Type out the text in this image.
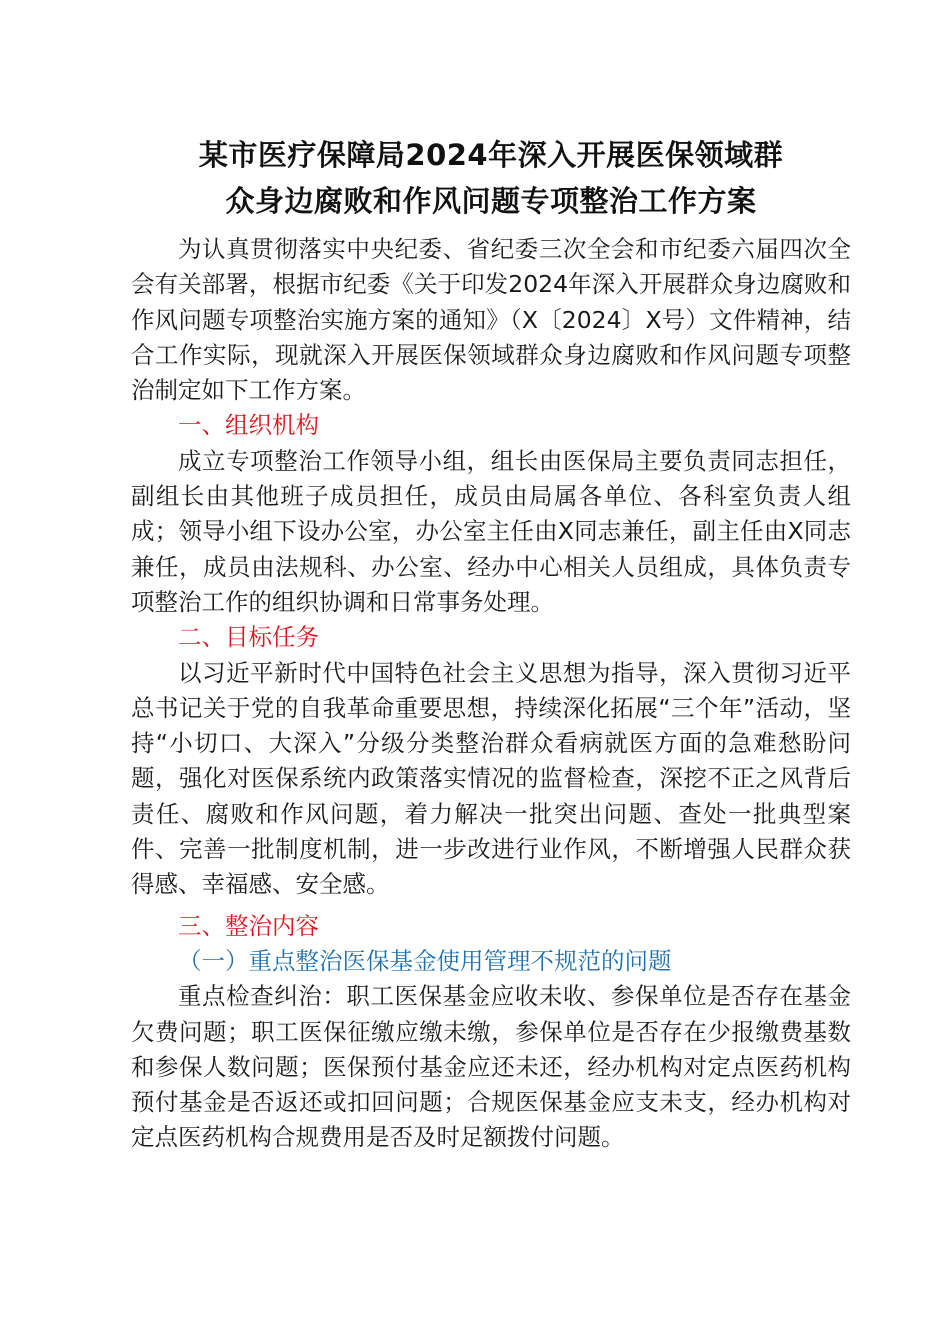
某市医疗保障局2024年深入开展医保领域群
众身边腐败和作风问题专项整治工作方案

为认真贯彻落实中央纪委、省纪委三次全会和市纪委六届四次全会有关部署，根据市纪委《关于印发2024年深入开展群众身边腐败和作风问题专项整治实施方案的通知》（X〔2024〕X号）文件精神，结合工作实际，现就深入开展医保领域群众身边腐败和作风问题专项整治制定如下工作方案。

一、组织机构

成立专项整治工作领导小组，组长由医保局主要负责同志担任，副组长由其他班子成员担任，成员由局属各单位、各科室负责人组成；领导小组下设办公室，办公室主任由X同志兼任，副主任由X同志兼任，成员由法规科、办公室、经办中心相关人员组成，具体负责专项整治工作的组织协调和日常事务处理。

二、目标任务

以习近平新时代中国特色社会主义思想为指导，深入贯彻习近平总书记关于党的自我革命重要思想，持续深化拓展“三个年”活动，坚持“小切口、大深入”分级分类整治群众看病就医方面的急难愁盼问题，强化对医保系统内政策落实情况的监督检查，深挖不正之风背后责任、腐败和作风问题，着力解决一批突出问题、查处一批典型案件、完善一批制度机制，进一步改进行业作风，不断增强人民群众获得感、幸福感、安全感。

三、整治内容

（一）重点整治医保基金使用管理不规范的问题

重点检查纠治：职工医保基金应收未收、参保单位是否存在基金欠费问题；职工医保征缴应缴未缴，参保单位是否存在少报缴费基数和参保人数问题；医保预付基金应还未还，经办机构对定点医药机构预付基金是否返还或扣回问题；合规医保基金应支未支，经办机构对定点医药机构合规费用是否及时足额拨付问题。
